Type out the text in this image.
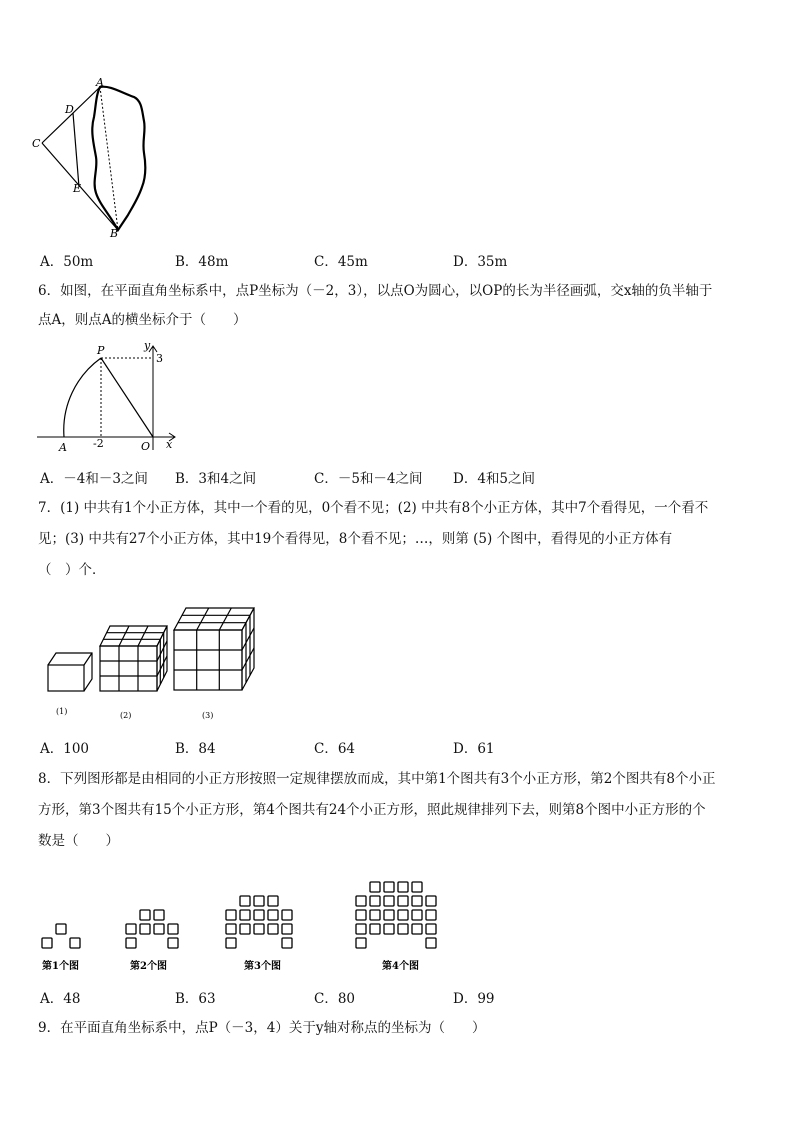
A
D
C
E
B
A．50m	B．48m	C．45m	D．35m
6．如图，在平面直角坐标系中，点P坐标为（－2，3），以点O为圆心，以OP的长为半径画弧，交x轴的负半轴于
点A，则点A的横坐标介于（　　）
P	y
3
A -2	O x
A．－4和－3之间 B．3和4之间	C．－5和－4之间 D．4和5之间
7．(1) 中共有1个小正方体，其中一个看的见，0个看不见；(2) 中共有8个小正方体，其中7个看得见，一个看不
见；(3) 中共有27个小正方体，其中19个看得见，8个看不见；…，则第 (5) 个图中，看得见的小正方体有
（　）个．
(1)	(2)	(3)
A．100	B．84	C．64	D．61
8．下列图形都是由相同的小正方形按照一定规律摆放而成，其中第1个图共有3个小正方形，第2个图共有8个小正
方形，第3个图共有15个小正方形，第4个图共有24个小正方形，照此规律排列下去，则第8个图中小正方形的个
数是（　　）
第1个图	第2个图	第3个图	第4个图
A．48	B．63	C．80	D．99
9．在平面直角坐标系中，点P（－3，4）关于y轴对称点的坐标为（　　）
